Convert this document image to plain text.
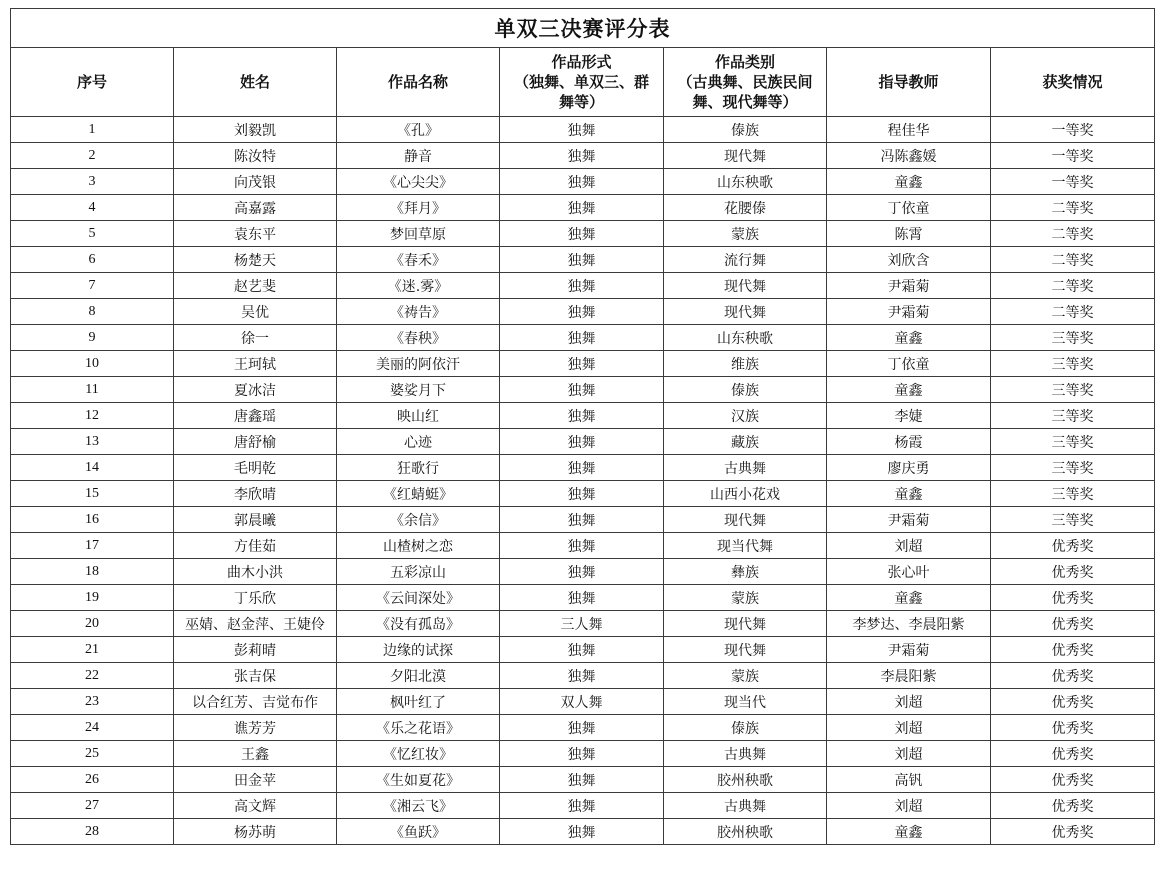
单双三决赛评分表						
序号	姓名	作品名称	作品形式
（独舞、单双三、群
舞等）	作品类别
（古典舞、民族民间
舞、现代舞等）	指导教师	获奖情况
1	刘毅凯	《孔》	独舞	傣族	程佳华	一等奖
2	陈汝特	静音	独舞	现代舞	冯陈鑫媛	一等奖
3	向茂银	《心尖尖》	独舞	山东秧歌	童鑫	一等奖
4	高嘉露	《拜月》	独舞	花腰傣	丁依童	二等奖
5	袁东平	梦回草原	独舞	蒙族	陈霄	二等奖
6	杨楚天	《春禾》	独舞	流行舞	刘欣含	二等奖
7	赵艺斐	《迷.雾》	独舞	现代舞	尹霜菊	二等奖
8	吴优	《祷告》	独舞	现代舞	尹霜菊	二等奖
9	徐一	《春秧》	独舞	山东秧歌	童鑫	三等奖
10	王珂轼	美丽的阿依汗	独舞	维族	丁依童	三等奖
11	夏冰洁	婆娑月下	独舞	傣族	童鑫	三等奖
12	唐鑫瑶	映山红	独舞	汉族	李婕	三等奖
13	唐舒榆	心迹	独舞	藏族	杨霞	三等奖
14	毛明乾	狂歌行	独舞	古典舞	廖庆勇	三等奖
15	李欣晴	《红蜻蜓》	独舞	山西小花戏	童鑫	三等奖
16	郭晨曦	《余信》	独舞	现代舞	尹霜菊	三等奖
17	方佳茹	山楂树之恋	独舞	现当代舞	刘超	优秀奖
18	曲木小洪	五彩凉山	独舞	彝族	张心叶	优秀奖
19	丁乐欣	《云间深处》	独舞	蒙族	童鑫	优秀奖
20	巫婧、赵金萍、王婕伶	《没有孤岛》	三人舞	现代舞	李梦达、李晨阳紫	优秀奖
21	彭莉晴	边缘的试探	独舞	现代舞	尹霜菊	优秀奖
22	张吉保	夕阳北漠	独舞	蒙族	李晨阳紫	优秀奖
23	以合红芳、吉觉布作	枫叶红了	双人舞	现当代	刘超	优秀奖
24	谯芳芳	《乐之花语》	独舞	傣族	刘超	优秀奖
25	王鑫	《忆红妆》	独舞	古典舞	刘超	优秀奖
26	田金苹	《生如夏花》	独舞	胶州秧歌	高钒	优秀奖
27	高文辉	《湘云飞》	独舞	古典舞	刘超	优秀奖
28	杨苏萌	《鱼跃》	独舞	胶州秧歌	童鑫	优秀奖
